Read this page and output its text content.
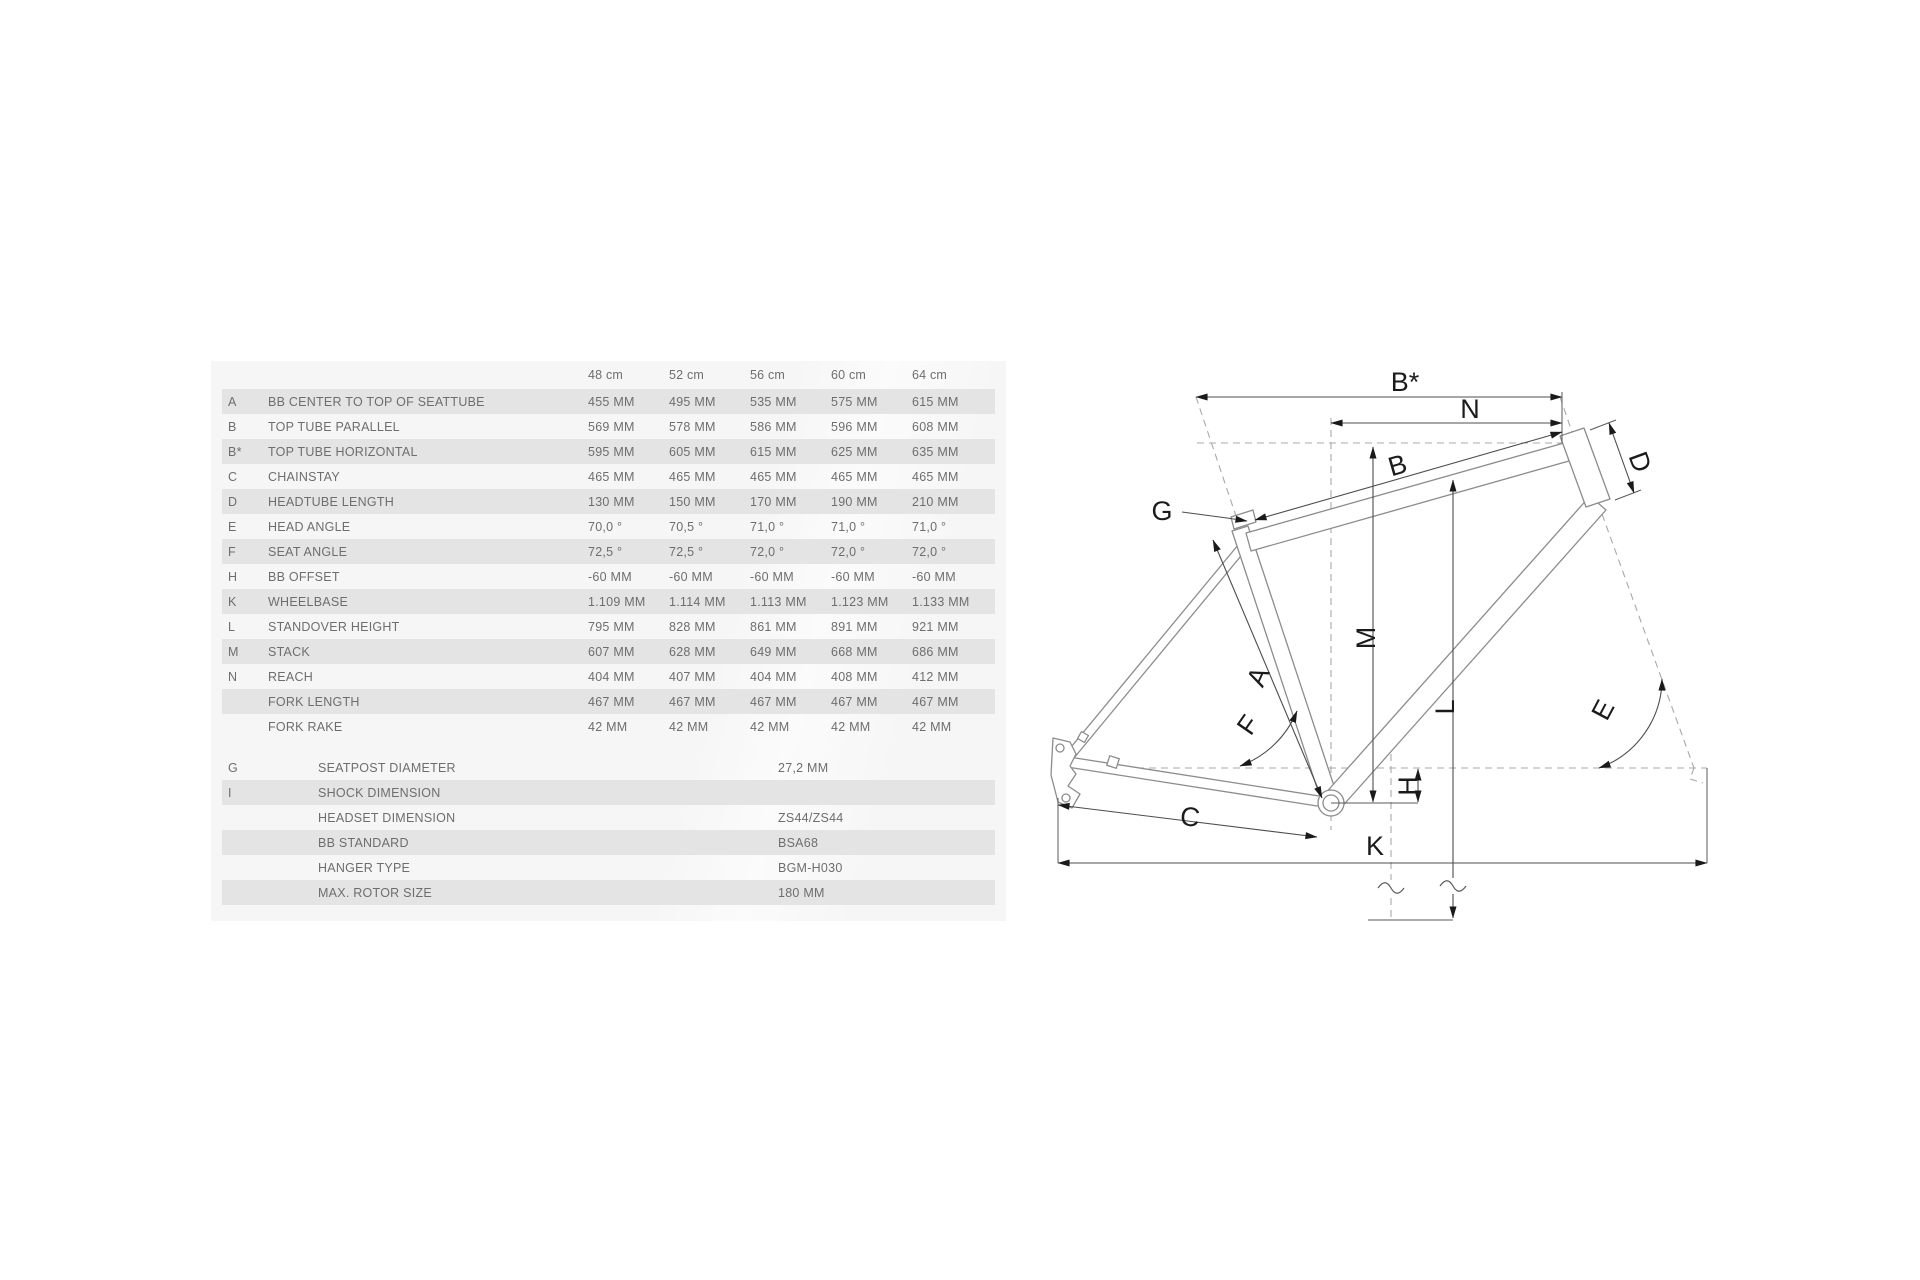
48 cm	52 cm	56 cm	60 cm	64 cm
A	BB CENTER TO TOP OF SEATTUBE	455 MM	495 MM	535 MM	575 MM	615 MM
B	TOP TUBE PARALLEL	569 MM	578 MM	586 MM	596 MM	608 MM
B*	TOP TUBE HORIZONTAL	595 MM	605 MM	615 MM	625 MM	635 MM
C	CHAINSTAY	465 MM	465 MM	465 MM	465 MM	465 MM
D	HEADTUBE LENGTH	130 MM	150 MM	170 MM	190 MM	210 MM
E	HEAD ANGLE	70,0 °	70,5 °	71,0 °	71,0 °	71,0 °
F	SEAT ANGLE	72,5 °	72,5 °	72,0 °	72,0 °	72,0 °
H	BB OFFSET	-60 MM	-60 MM	-60 MM	-60 MM	-60 MM
K	WHEELBASE	1.109 MM	1.114 MM	1.113 MM	1.123 MM	1.133 MM
L	STANDOVER HEIGHT	795 MM	828 MM	861 MM	891 MM	921 MM
M	STACK	607 MM	628 MM	649 MM	668 MM	686 MM
N	REACH	404 MM	407 MM	404 MM	408 MM	412 MM
FORK LENGTH	467 MM	467 MM	467 MM	467 MM	467 MM
FORK RAKE	42 MM	42 MM	42 MM	42 MM	42 MM
G	SEATPOST DIAMETER	27,2 MM
I	SHOCK DIMENSION
HEADSET DIMENSION	ZS44/ZS44
BB STANDARD	BSA68
HANGER TYPE	BGM-H030
MAX. ROTOR SIZE	180 MM
B*
N
B	D
G
M
L
A
F
H
C
K
E
